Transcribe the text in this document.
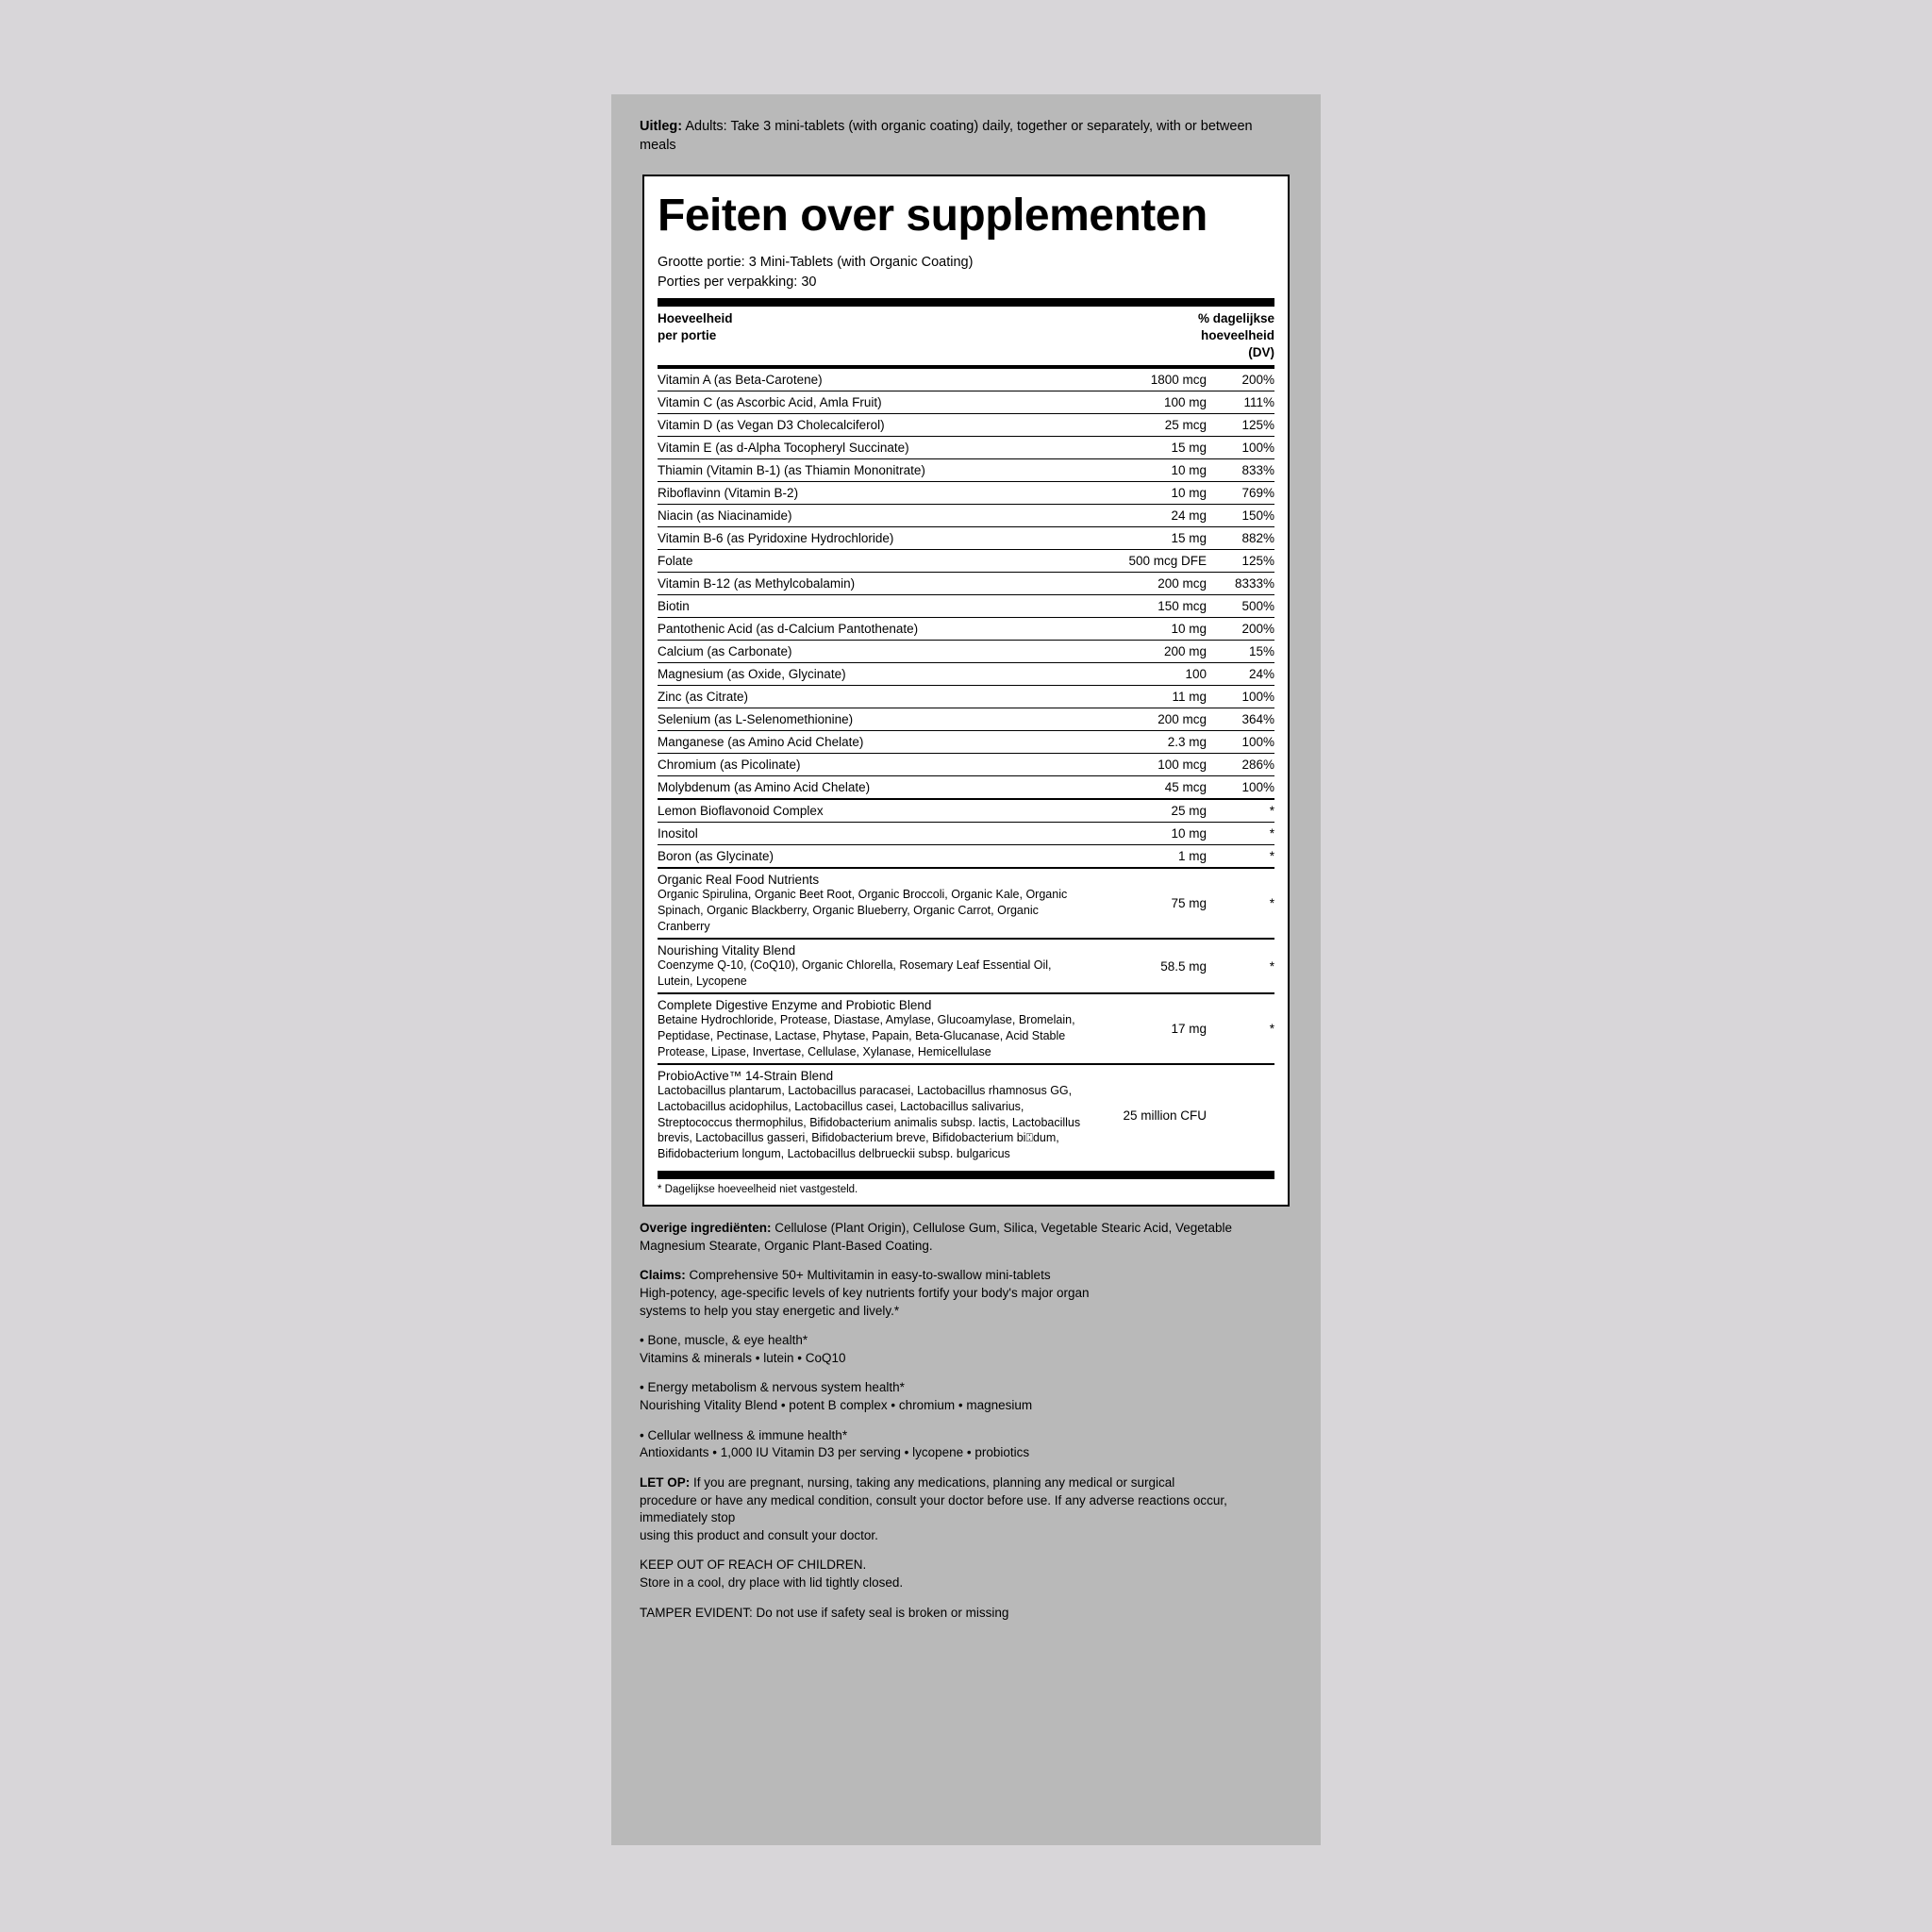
Uitleg: Adults: Take 3 mini-tablets (with organic coating) daily, together or separately, with or between meals
Feiten over supplementen
Grootte portie: 3 Mini-Tablets (with Organic Coating)
Porties per verpakking: 30
Hoeveelheid
per portie

% dagelijkse
hoeveelheid
(DV)
Vitamin A (as Beta-Carotene)	1800 mcg	200%
Vitamin C (as Ascorbic Acid, Amla Fruit)	100 mg	111%
Vitamin D (as Vegan D3 Cholecalciferol)	25 mcg	125%
Vitamin E (as d-Alpha Tocopheryl Succinate)	15 mg	100%
Thiamin (Vitamin B-1) (as Thiamin Mononitrate)	10 mg	833%
Riboflavinn (Vitamin B-2)	10 mg	769%
Niacin (as Niacinamide)	24 mg	150%
Vitamin B-6 (as Pyridoxine Hydrochloride)	15 mg	882%
Folate	500 mcg DFE	125%
Vitamin B-12 (as Methylcobalamin)	200 mcg	8333%
Biotin	150 mcg	500%
Pantothenic Acid (as d-Calcium Pantothenate)	10 mg	200%
Calcium (as Carbonate)	200 mg	15%
Magnesium (as Oxide, Glycinate)	100	24%
Zinc (as Citrate)	11 mg	100%
Selenium (as L-Selenomethionine)	200 mcg	364%
Manganese (as Amino Acid Chelate)	2.3 mg	100%
Chromium (as Picolinate)	100 mcg	286%
Molybdenum (as Amino Acid Chelate)	45 mcg	100%
Lemon Bioflavonoid Complex	25 mg	*
Inositol	10 mg	*
Boron (as Glycinate)	1 mg	*

Organic Real Food Nutrients
Organic Spirulina, Organic Beet Root, Organic Broccoli, Organic Kale, Organic Spinach, Organic Blackberry, Organic Blueberry, Organic Carrot, Organic Cranberry	75 mg	*

Nourishing Vitality Blend
Coenzyme Q-10, (CoQ10), Organic Chlorella, Rosemary Leaf Essential Oil, Lutein, Lycopene	58.5 mg	*

Complete Digestive Enzyme and Probiotic Blend
Betaine Hydrochloride, Protease, Diastase, Amylase, Glucoamylase, Bromelain, Peptidase, Pectinase, Lactase, Phytase, Papain, Beta-Glucanase, Acid Stable Protease, Lipase, Invertase, Cellulase, Xylanase, Hemicellulase	17 mg	*

ProbioActive™ 14-Strain Blend
Lactobacillus plantarum, Lactobacillus paracasei, Lactobacillus rhamnosus GG, Lactobacillus acidophilus, Lactobacillus casei, Lactobacillus salivarius, Streptococcus thermophilus, Bifidobacterium animalis subsp. lactis, Lactobacillus brevis, Lactobacillus gasseri, Bifidobacterium breve, Bifidobacterium bi⍠dum, Bifidobacterium longum, Lactobacillus delbrueckii subsp. bulgaricus	25 million CFU	
* Dagelijkse hoeveelheid niet vastgesteld.

Overige ingrediënten: Cellulose (Plant Origin), Cellulose Gum, Silica, Vegetable Stearic Acid, Vegetable Magnesium Stearate, Organic Plant-Based Coating.

Claims: Comprehensive 50+ Multivitamin in easy-to-swallow mini-tablets
High-potency, age-specific levels of key nutrients fortify your body's major organ
systems to help you stay energetic and lively.*

• Bone, muscle, & eye health*
Vitamins & minerals • lutein • CoQ10

• Energy metabolism & nervous system health*
Nourishing Vitality Blend • potent B complex • chromium • magnesium

• Cellular wellness & immune health*
Antioxidants • 1,000 IU Vitamin D3 per serving • lycopene • probiotics

LET OP: If you are pregnant, nursing, taking any medications, planning any medical or surgical
procedure or have any medical condition, consult your doctor before use. If any adverse reactions occur, immediately stop
using this product and consult your doctor.

KEEP OUT OF REACH OF CHILDREN.
Store in a cool, dry place with lid tightly closed.

TAMPER EVIDENT: Do not use if safety seal is broken or missing
